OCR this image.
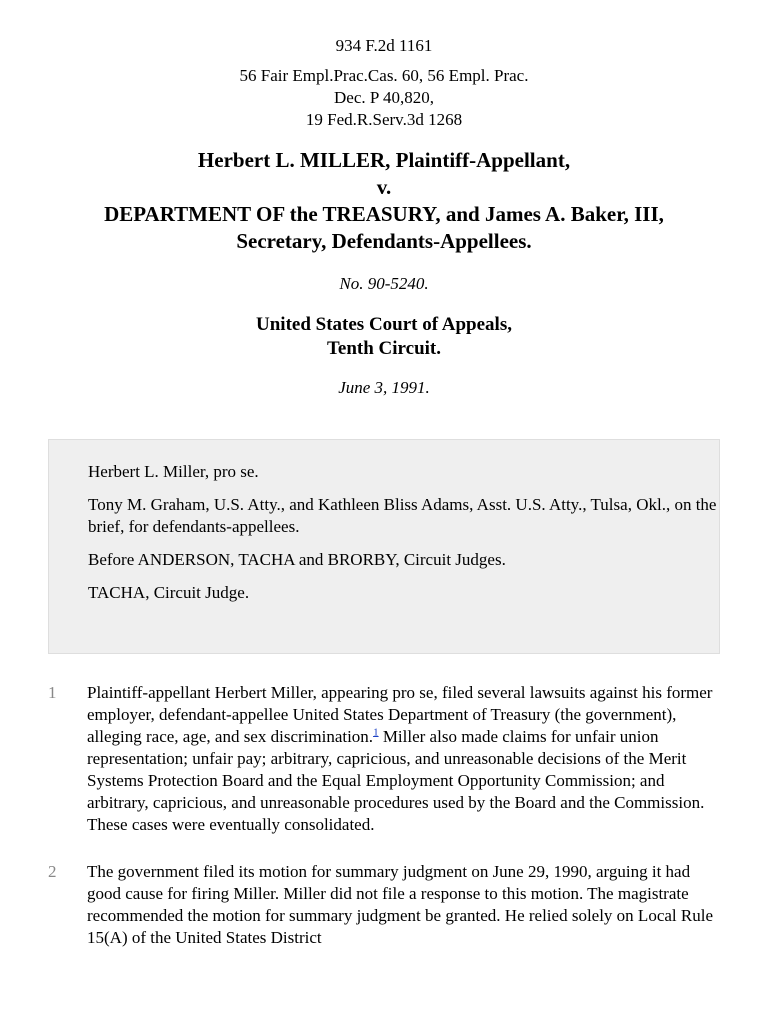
934 F.2d 1161
56 Fair Empl.Prac.Cas. 60, 56 Empl. Prac.
Dec. P 40,820,
19 Fed.R.Serv.3d 1268
Herbert L. MILLER, Plaintiff-Appellant,
v.
DEPARTMENT OF the TREASURY, and James A. Baker, III,
Secretary, Defendants-Appellees.
No. 90-5240.
United States Court of Appeals,
Tenth Circuit.
June 3, 1991.

Herbert L. Miller, pro se.

Tony M. Graham, U.S. Atty., and Kathleen Bliss Adams, Asst. U.S. Atty., Tulsa, Okl., on the brief, for defendants-appellees.

Before ANDERSON, TACHA and BRORBY, Circuit Judges.

TACHA, Circuit Judge.

1	Plaintiff-appellant Herbert Miller, appearing pro se, filed several lawsuits against his former employer, defendant-appellee United States Department of Treasury (the government), alleging race, age, and sex discrimination.$^1$ Miller also made claims for unfair union representation; unfair pay; arbitrary, capricious, and unreasonable decisions of the Merit Systems Protection Board and the Equal Employment Opportunity Commission; and arbitrary, capricious, and unreasonable procedures used by the Board and the Commission. These cases were eventually consolidated.
2	The government filed its motion for summary judgment on June 29, 1990, arguing it had good cause for firing Miller. Miller did not file a response to this motion. The magistrate recommended the motion for summary judgment be granted. He relied solely on Local Rule 15(A) of the United States District
